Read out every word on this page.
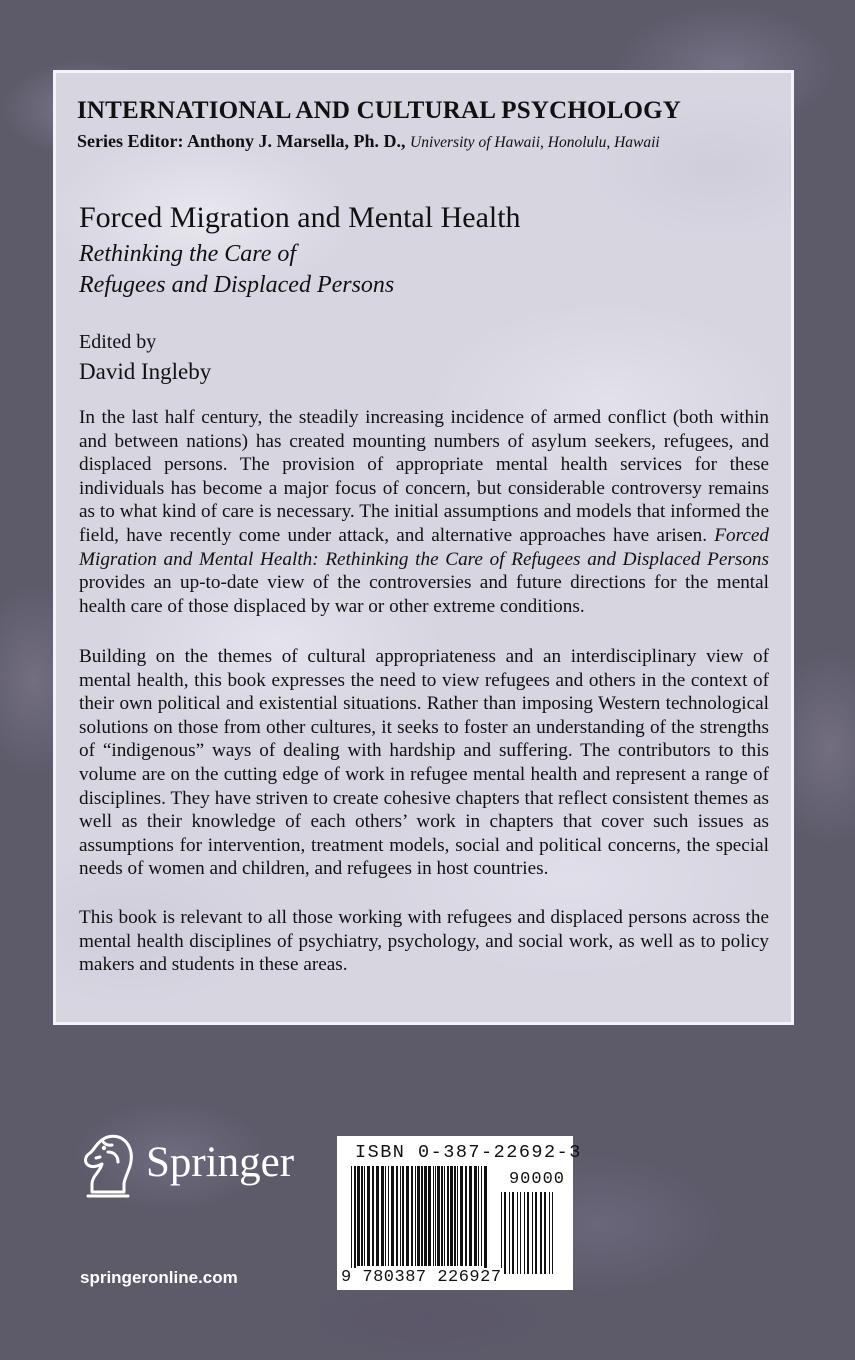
INTERNATIONAL AND CULTURAL PSYCHOLOGY
Series Editor: Anthony J. Marsella, Ph. D., University of Hawaii, Honolulu, Hawaii
Forced Migration and Mental Health
Rethinking the Care of
Refugees and Displaced Persons
Edited by
David Ingleby

In the last half century, the steadily increasing incidence of armed conflict (both within and between nations) has created mounting numbers of asylum seekers, refugees, and displaced persons. The provision of appropriate mental health services for these individuals has become a major focus of concern, but considerable controversy remains as to what kind of care is necessary. The initial assumptions and models that informed the field, have recently come under attack, and alternative approaches have arisen. Forced Migration and Mental Health: Rethinking the Care of Refugees and Displaced Persons provides an up-to-date view of the controversies and future directions for the mental health care of those displaced by war or other extreme conditions.

Building on the themes of cultural appropriateness and an interdisciplinary view of mental health, this book expresses the need to view refugees and others in the context of their own political and existential situations. Rather than imposing Western technological solutions on those from other cultures, it seeks to foster an understanding of the strengths of “indigenous” ways of dealing with hardship and suffering. The contributors to this volume are on the cutting edge of work in refugee mental health and represent a range of disciplines. They have striven to create cohesive chapters that reflect consistent themes as well as their knowledge of each others’ work in chapters that cover such issues as assumptions for intervention, treatment models, social and political concerns, the special needs of women and children, and refugees in host countries.

This book is relevant to all those working with refugees and displaced persons across the mental health disciplines of psychiatry, psychology, and social work, as well as to policy makers and students in these areas.

Springer
springeronline.com
ISBN 0-387-22692-3
90000
9 780387 226927
